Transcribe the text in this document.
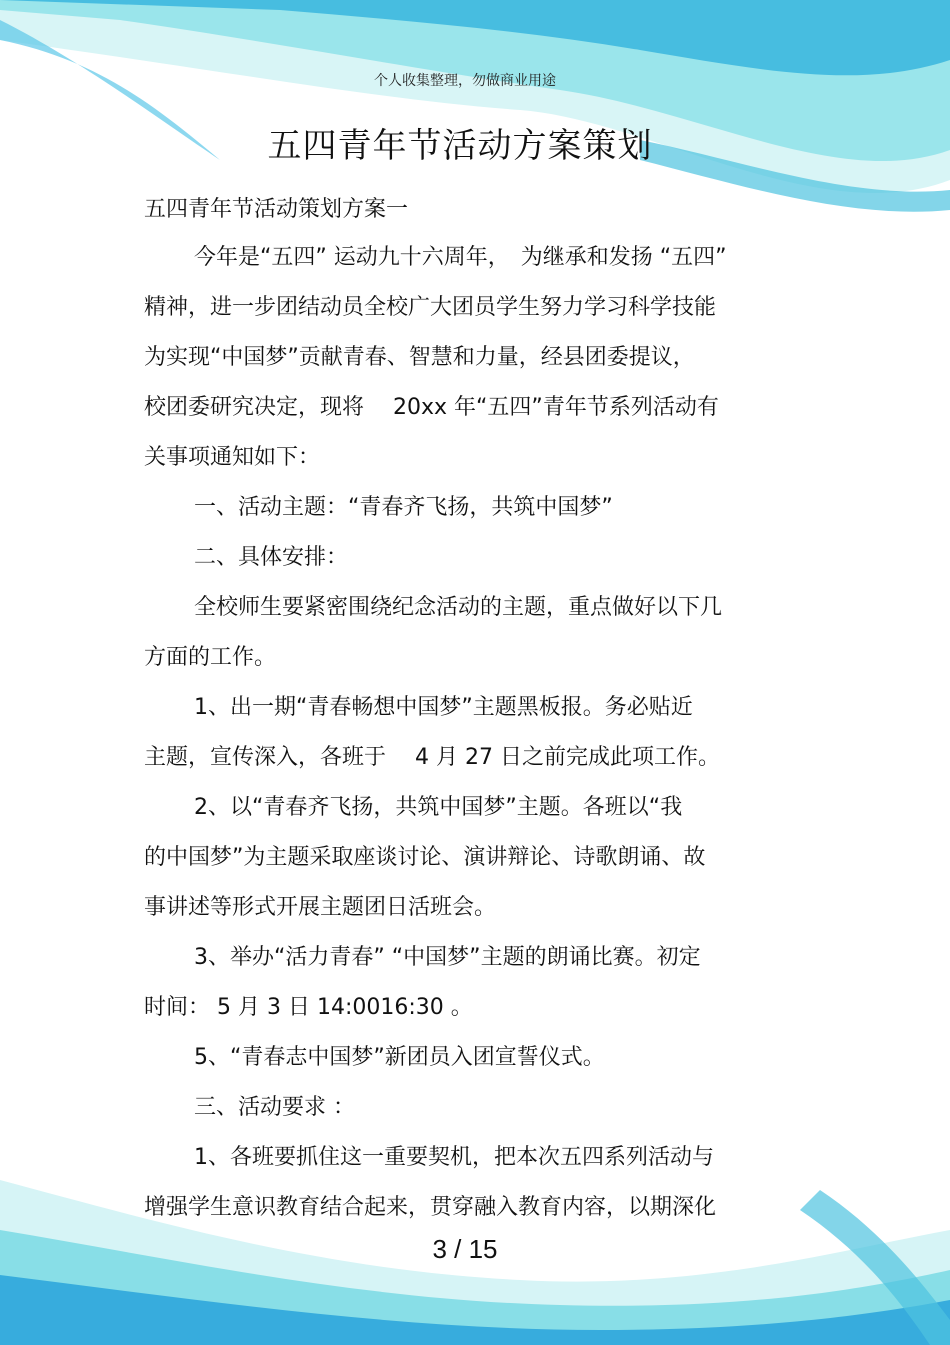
个人收集整理，勿做商业用途
五四青年节活动方案策划
五四青年节活动策划方案一
今年是“五四” 运动九十六周年，　为继承和发扬 “五四”
精神，进一步团结动员全校广大团员学生努力学习科学技能
为实现“中国梦”贡献青春、智慧和力量，经县团委提议，
校团委研究决定，现将　 20xx 年“五四”青年节系列活动有
关事项通知如下：
一、活动主题：“青春齐飞扬，共筑中国梦”
二、具体安排：
全校师生要紧密围绕纪念活动的主题，重点做好以下几
方面的工作。
1、出一期“青春畅想中国梦”主题黑板报。务必贴近
主题，宣传深入，各班于　 4 月 27 日之前完成此项工作。
2、以“青春齐飞扬，共筑中国梦”主题。各班以“我
的中国梦”为主题采取座谈讨论、演讲辩论、诗歌朗诵、故
事讲述等形式开展主题团日活班会。
3、举办“活力青春” “中国梦”主题的朗诵比赛。初定
时间： 5 月 3 日 14:0016:30 。
5、“青春志中国梦”新团员入团宣誓仪式。
三、活动要求 ：
1、各班要抓住这一重要契机，把本次五四系列活动与
增强学生意识教育结合起来，贯穿融入教育内容，以期深化
3 / 15
